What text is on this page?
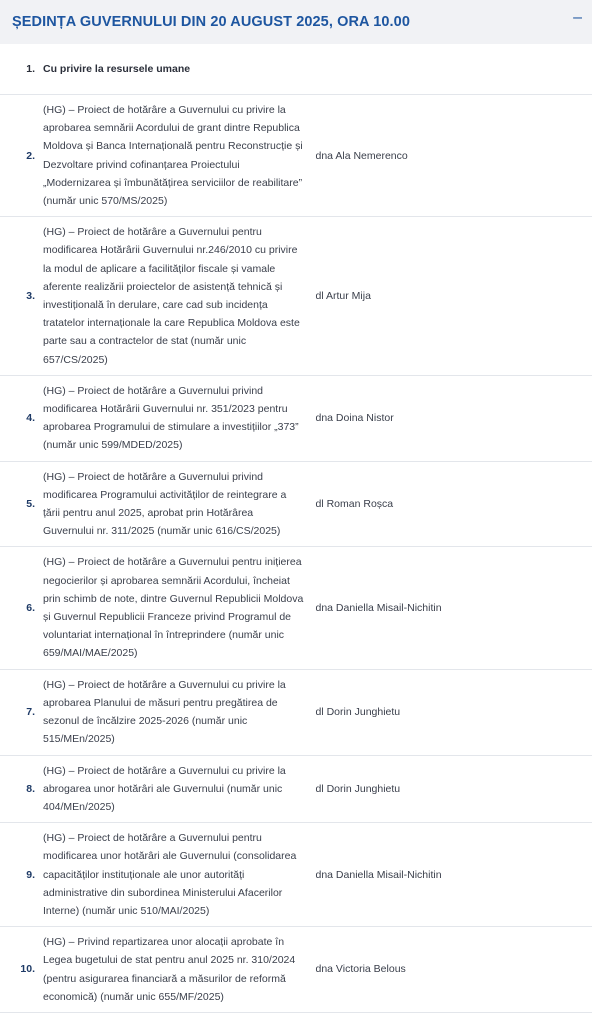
ȘEDINȚA GUVERNULUI DIN 20 AUGUST 2025, ORA 10.00	–
1.	Cu privire la resursele umane	
2.	(HG) – Proiect de hotărâre a Guvernului cu privire la aprobarea semnării Acordului de grant dintre Republica Moldova și Banca Internațională pentru Reconstrucție și Dezvoltare privind cofinanțarea Proiectului „Modernizarea și îmbunătățirea serviciilor de reabilitare” (număr unic 570/MS/2025)	dna Ala Nemerenco
3.	(HG) – Proiect de hotărâre a Guvernului pentru modificarea Hotărârii Guvernului nr.246/2010 cu privire la modul de aplicare a facilităților fiscale și vamale aferente realizării proiectelor de asistență tehnică și investițională în derulare, care cad sub incidența tratatelor internaționale la care Republica Moldova este parte sau a contractelor de stat (număr unic 657/CS/2025)	dl Artur Mija
4.	(HG) – Proiect de hotărâre a Guvernului privind modificarea Hotărârii Guvernului nr. 351/2023 pentru aprobarea Programului de stimulare a investițiilor „373” (număr unic 599/MDED/2025)	dna Doina Nistor
5.	(HG) – Proiect de hotărâre a Guvernului privind modificarea Programului activităților de reintegrare a țării pentru anul 2025, aprobat prin Hotărârea Guvernului nr. 311/2025 (număr unic 616/CS/2025)	dl Roman Roșca
6.	(HG) – Proiect de hotărâre a Guvernului pentru inițierea negocierilor și aprobarea semnării Acordului, încheiat prin schimb de note, dintre Guvernul Republicii Moldova și Guvernul Republicii Franceze privind Programul de voluntariat internațional în întreprindere (număr unic 659/MAI/MAE/2025)	dna Daniella Misail-Nichitin
7.	(HG) – Proiect de hotărâre a Guvernului cu privire la aprobarea Planului de măsuri pentru pregătirea de sezonul de încălzire 2025-2026 (număr unic 515/MEn/2025)	dl Dorin Junghietu
8.	(HG) – Proiect de hotărâre a Guvernului cu privire la abrogarea unor hotărâri ale Guvernului (număr unic 404/MEn/2025)	dl Dorin Junghietu
9.	(HG) – Proiect de hotărâre a Guvernului pentru modificarea unor hotărâri ale Guvernului (consolidarea capacităților instituționale ale unor autorități administrative din subordinea Ministerului Afacerilor Interne) (număr unic 510/MAI/2025)	dna Daniella Misail-Nichitin
10.	(HG) – Privind repartizarea unor alocații aprobate în Legea bugetului de stat pentru anul 2025 nr. 310/2024 (pentru asigurarea financiară a măsurilor de reformă economică) (număr unic 655/MF/2025)	dna Victoria Belous
